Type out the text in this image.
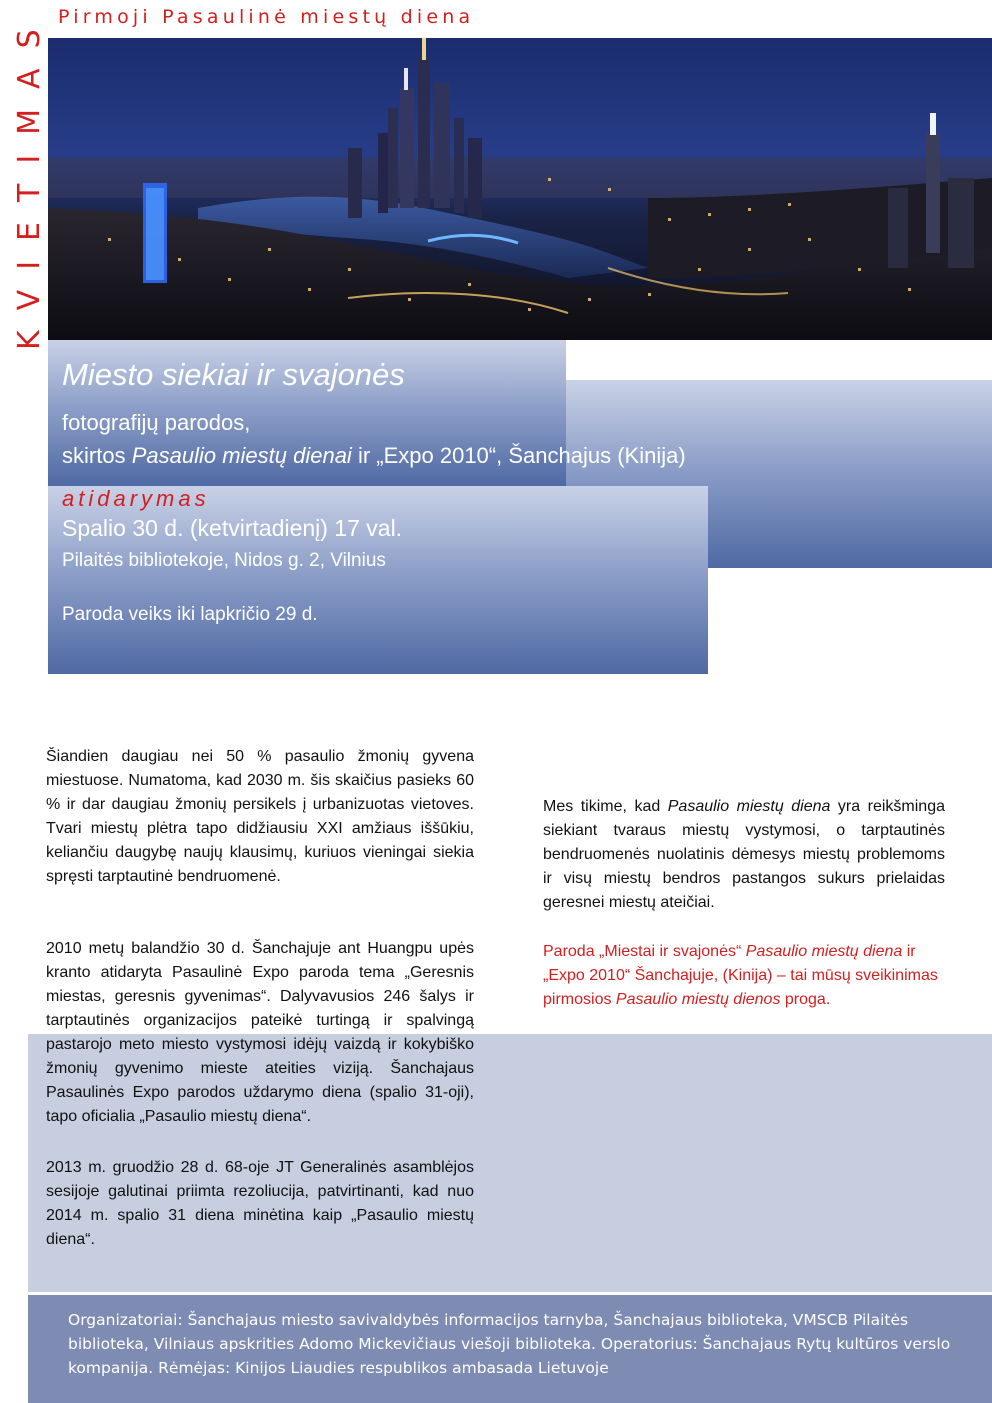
Pirmoji Pasaulinė miestų diena
KVIETIMAS
Miesto siekiai ir svajonės
fotografijų parodos,
skirtos Pasaulio miestų dienai ir „Expo 2010“, Šanchajus (Kinija)
atidarymas
Spalio 30 d. (ketvirtadienį) 17 val.
Pilaitės bibliotekoje, Nidos g. 2, Vilnius
Paroda veiks iki lapkričio 29 d.

Šiandien daugiau nei 50 % pasaulio žmonių gyvena miestuose. Numatoma, kad 2030 m. šis skaičius pasieks 60 % ir dar daugiau žmonių persikels į urbanizuotas vietoves. Tvari miestų plėtra tapo didžiausiu XXI amžiaus iššūkiu, keliančiu daugybę naujų klausimų, kuriuos vieningai siekia spręsti tarptautinė bendruomenė.

2010 metų balandžio 30 d. Šanchajuje ant Huangpu upės kranto atidaryta Pasaulinė Expo paroda tema „Geresnis miestas, geresnis gyvenimas“. Dalyvavusios 246 šalys ir tarptautinės organizacijos pateikė turtingą ir spalvingą pastarojo meto miesto vystymosi idėjų vaizdą ir kokybiško žmonių gyvenimo mieste ateities viziją. Šanchajaus Pasaulinės Expo parodos uždarymo diena (spalio 31-oji), tapo oficialia „Pasaulio miestų diena“.

2013 m. gruodžio 28 d. 68-oje JT Generalinės asamblėjos sesijoje galutinai priimta rezoliucija, patvirtinanti, kad nuo 2014 m. spalio 31 diena minėtina kaip „Pasaulio miestų diena“.

Mes tikime, kad Pasaulio miestų diena yra reikšminga siekiant tvaraus miestų vystymosi, o tarptautinės bendruomenės nuolatinis dėmesys miestų problemoms ir visų miestų bendros pastangos sukurs prielaidas geresnei miestų ateičiai.

Paroda „Miestai ir svajonės“ Pasaulio miestų diena ir „Expo 2010“ Šanchajuje, (Kinija) – tai mūsų sveikinimas pirmosios Pasaulio miestų dienos proga.

Organizatoriai: Šanchajaus miesto savivaldybės informacijos tarnyba, Šanchajaus biblioteka, VMSCB Pilaitės biblioteka, Vilniaus apskrities Adomo Mickevičiaus viešoji biblioteka. Operatorius: Šanchajaus Rytų kultūros verslo kompanija. Rėmėjas: Kinijos Liaudies respublikos ambasada Lietuvoje
